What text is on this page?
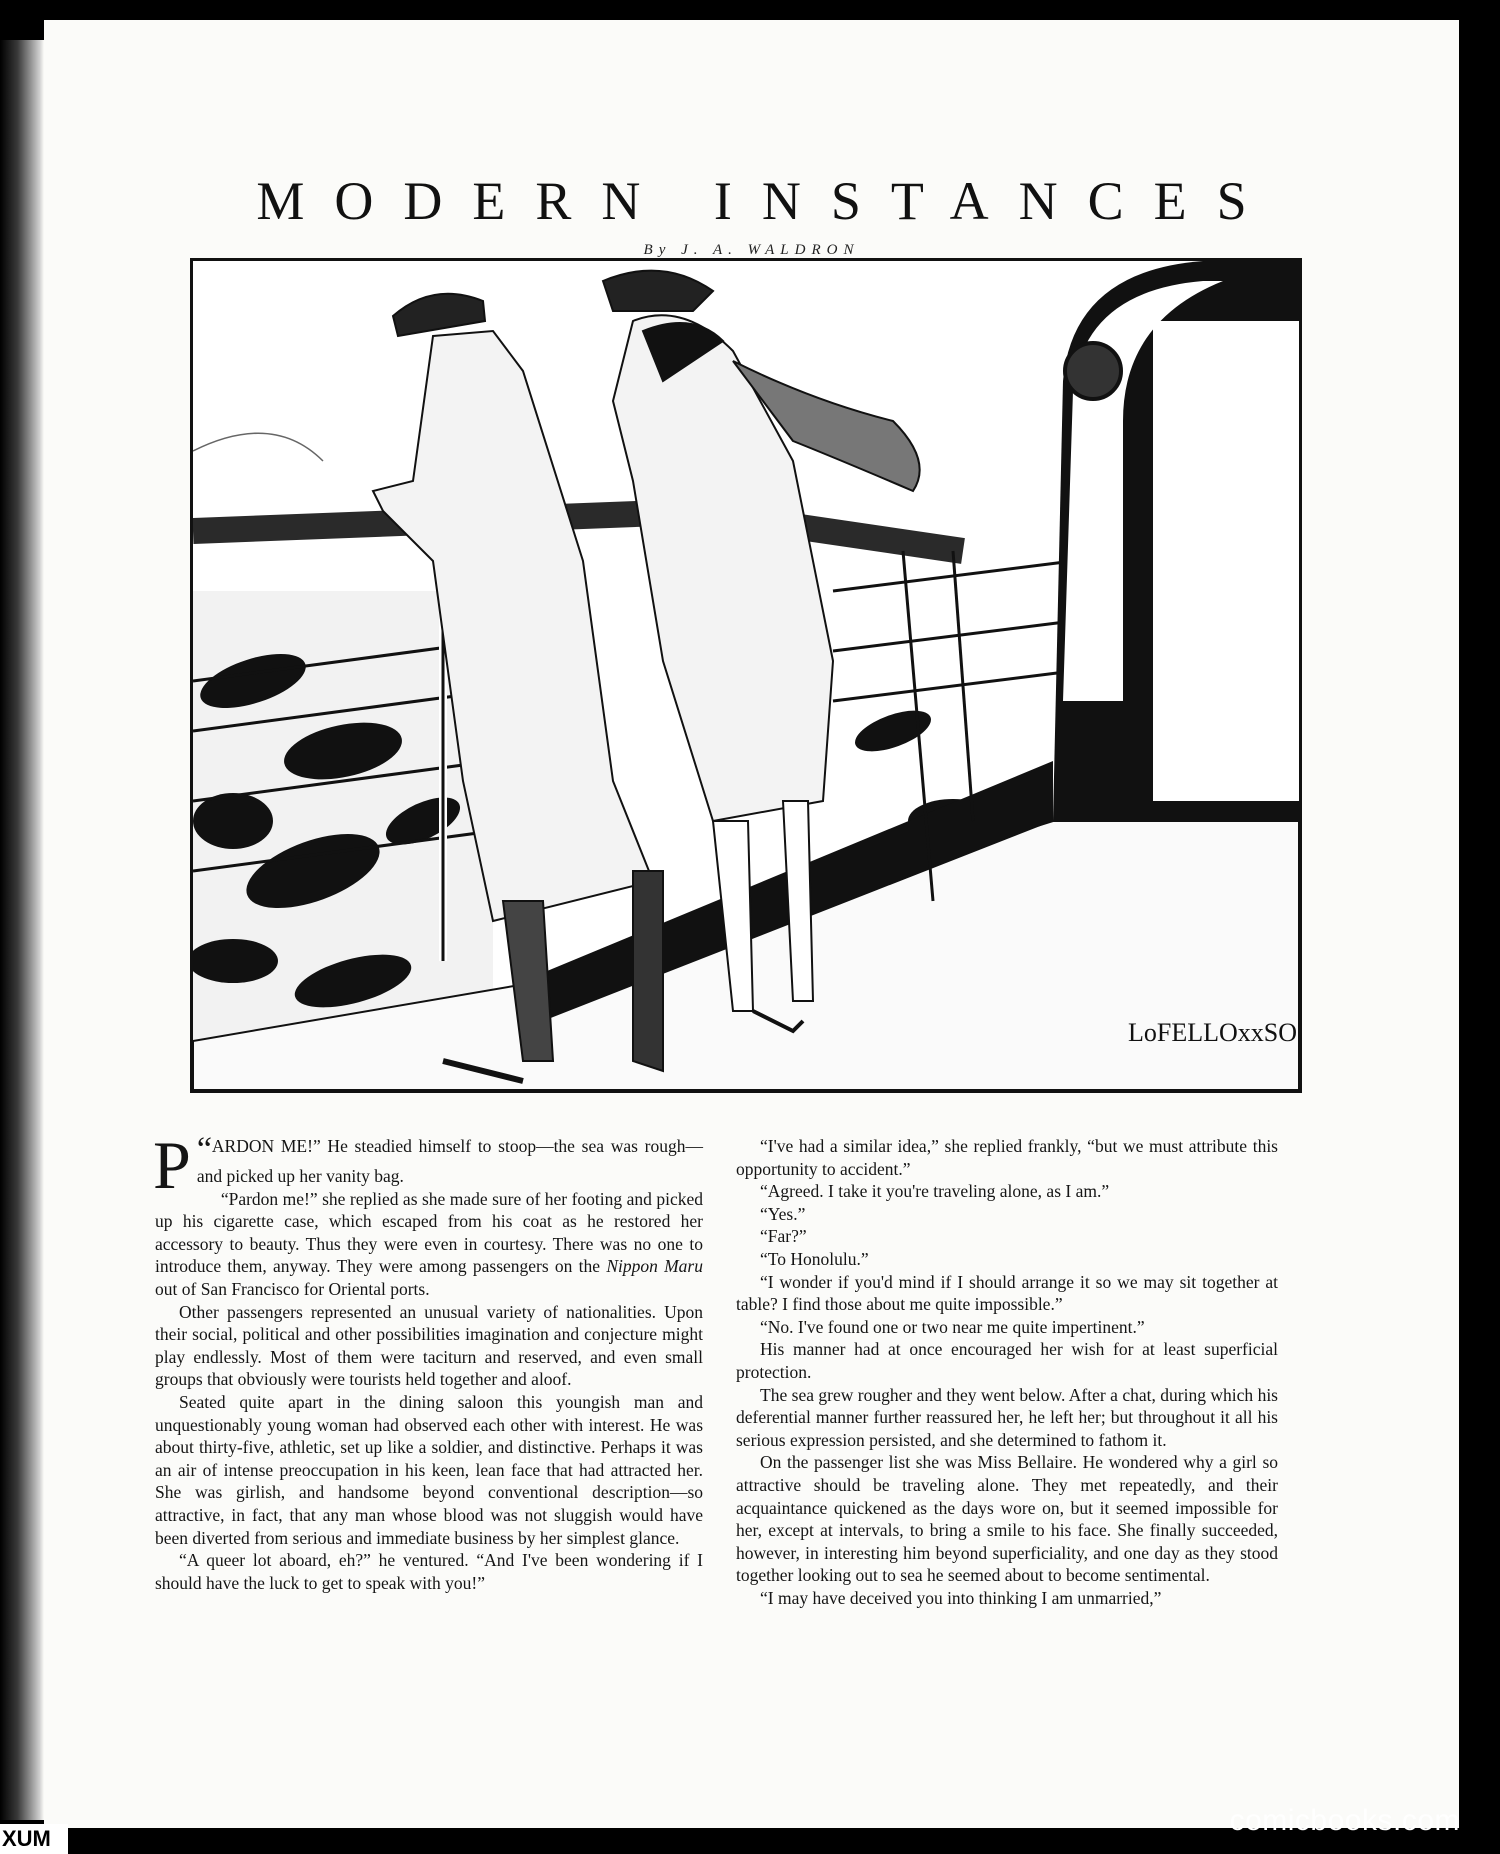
MODERN INSTANCES
By J. A. WALDRON
LoFELLOxxSO

“
P ARDON ME!” He steadied himself to stoop—the sea was rough—and picked up her vanity bag.

“Pardon me!” she replied as she made sure of her footing and picked up his cigarette case, which escaped from his coat as he restored her accessory to beauty. Thus they were even in courtesy. There was no one to introduce them, anyway. They were among passengers on the Nippon Maru out of San Francisco for Oriental ports.

Other passengers represented an unusual variety of nationalities. Upon their social, political and other possibilities imagination and conjecture might play endlessly. Most of them were taciturn and reserved, and even small groups that obviously were tourists held together and aloof.

Seated quite apart in the dining saloon this youngish man and unquestionably young woman had observed each other with interest. He was about thirty-five, athletic, set up like a soldier, and distinctive. Perhaps it was an air of intense preoccupation in his keen, lean face that had attracted her. She was girlish, and handsome beyond conventional description—so attractive, in fact, that any man whose blood was not sluggish would have been diverted from serious and immediate business by her simplest glance.

“A queer lot aboard, eh?” he ventured. “And I've been wondering if I should have the luck to get to speak with you!”

“I've had a similar idea,” she replied frankly, “but we must attribute this opportunity to accident.”

“Agreed. I take it you're traveling alone, as I am.”

“Yes.”

“Far?”

“To Honolulu.”

“I wonder if you'd mind if I should arrange it so we may sit together at table? I find those about me quite impossible.”

“No. I've found one or two near me quite impertinent.”

His manner had at once encouraged her wish for at least superficial protection.

The sea grew rougher and they went below. After a chat, during which his deferential manner further reassured her, he left her; but throughout it all his serious expression persisted, and she determined to fathom it.

On the passenger list she was Miss Bellaire. He wondered why a girl so attractive should be traveling alone. They met repeatedly, and their acquaintance quickened as the days wore on, but it seemed impossible for her, except at intervals, to bring a smile to his face. She finally succeeded, however, in interesting him beyond superficiality, and one day as they stood together looking out to sea he seemed about to become sentimental.

“I may have deceived you into thinking I am unmarried,”

comicbooks.com
XUM
